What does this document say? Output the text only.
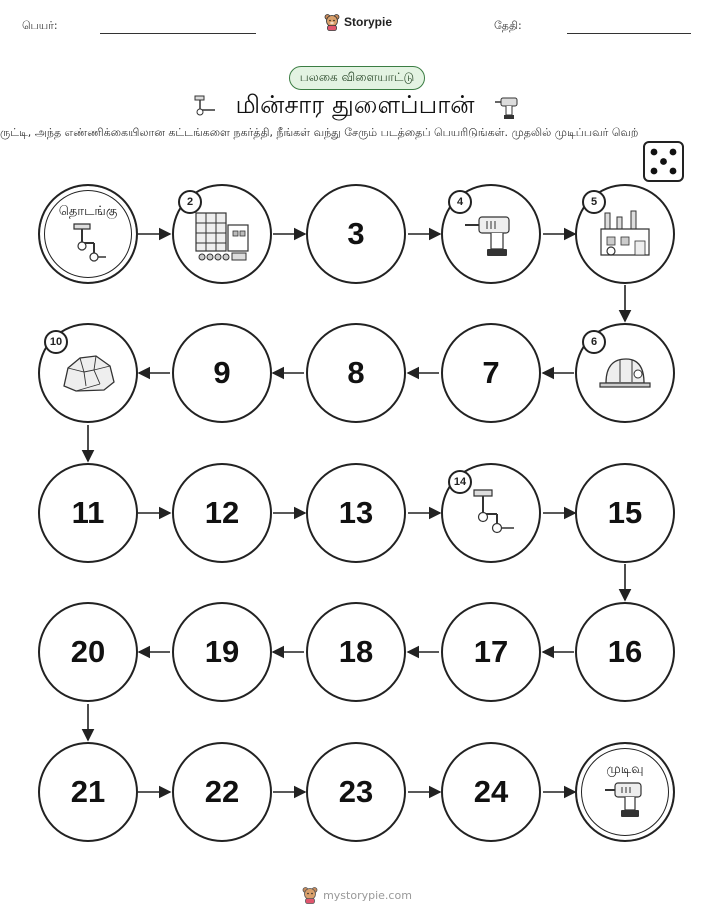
பெயர்:	Storypie	தேதி:
பலகை விளையாட்டு
மின்சார துளைப்பான்
ருட்டி, அந்த எண்ணிக்கையிலான கட்டங்களை நகர்த்தி, நீங்கள் வந்து சேரும் படத்தைப் பெயரிடுங்கள். முதலில் முடிப்பவர் வெற்
தொடங்கு
2
3
4	5
10
9	8	7
6
11	12	13
14
15
20	19	18	17	16
21	22	23	24
முடிவு
mystorypie.com
